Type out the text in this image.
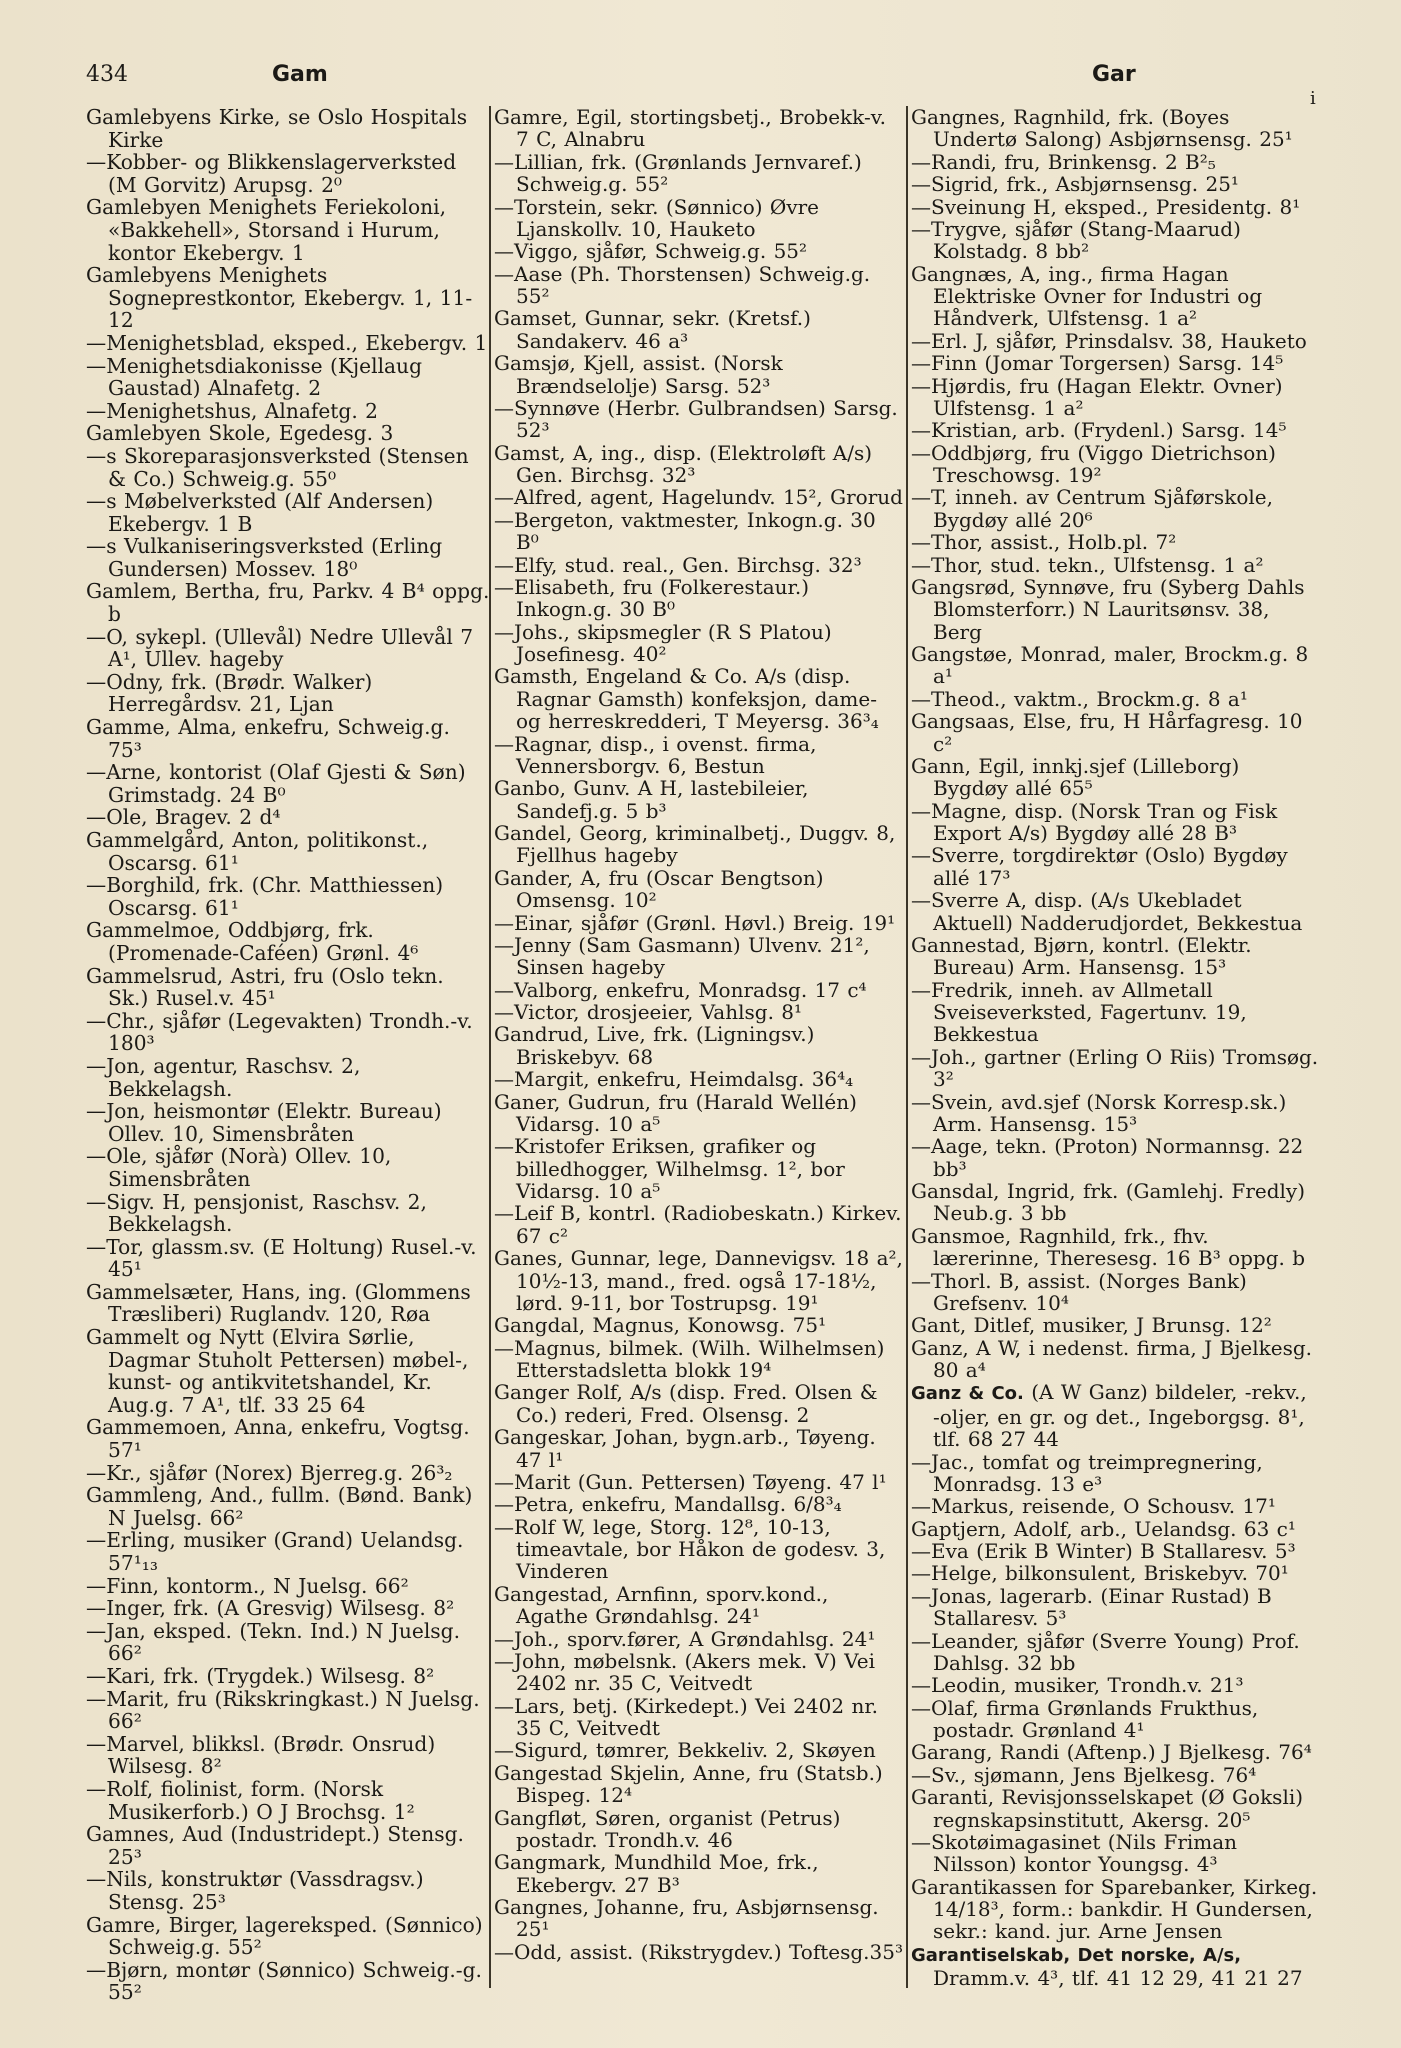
434	Gam	Gar
i

Gamlebyens Kirke, se Oslo Hospitals Kirke

—Kobber- og Blikkenslagerverksted (M Gorvitz) Arupsg. 2⁰

Gamlebyen Menighets Feriekoloni, «Bakkehell», Storsand i Hurum, kontor Ekebergv. 1

Gamlebyens Menighets Sogneprestkontor, Ekebergv. 1, 11-12

—Menighetsblad, eksped., Ekebergv. 1

—Menighetsdiakonisse (Kjellaug Gaustad) Alnafetg. 2

—Menighetshus, Alnafetg. 2

Gamlebyen Skole, Egedesg. 3

—s Skoreparasjonsverksted (Stensen & Co.) Schweig.g. 55⁰

—s Møbelverksted (Alf Andersen) Ekebergv. 1 B

—s Vulkaniseringsverksted (Erling Gundersen) Mossev. 18⁰

Gamlem, Bertha, fru, Parkv. 4 B⁴ oppg. b

—O, sykepl. (Ullevål) Nedre Ullevål 7 A¹, Ullev. hageby

—Odny, frk. (Brødr. Walker) Herregårdsv. 21, Ljan

Gamme, Alma, enkefru, Schweig.g. 75³

—Arne, kontorist (Olaf Gjesti & Søn) Grimstadg. 24 B⁰

—Ole, Bragev. 2 d⁴

Gammelgård, Anton, politikonst., Oscarsg. 61¹

—Borghild, frk. (Chr. Matthiessen) Oscarsg. 61¹

Gammelmoe, Oddbjørg, frk. (Promenade-Caféen) Grønl. 4⁶

Gammelsrud, Astri, fru (Oslo tekn. Sk.) Rusel.v. 45¹

—Chr., sjåfør (Legevakten) Trondh.-v. 180³

—Jon, agentur, Raschsv. 2, Bekkelagsh.

—Jon, heismontør (Elektr. Bureau) Ollev. 10, Simensbråten

—Ole, sjåfør (Norà) Ollev. 10, Simensbråten

—Sigv. H, pensjonist, Raschsv. 2, Bekkelagsh.

—Tor, glassm.sv. (E Holtung) Rusel.-v. 45¹

Gammelsæter, Hans, ing. (Glommens Træsliberi) Ruglandv. 120, Røa

Gammelt og Nytt (Elvira Sørlie, Dagmar Stuholt Pettersen) møbel-, kunst- og antikvitetshandel, Kr. Aug.g. 7 A¹, tlf. 33 25 64

Gammemoen, Anna, enkefru, Vogtsg. 57¹

—Kr., sjåfør (Norex) Bjerreg.g. 26³₂

Gammleng, And., fullm. (Bønd. Bank) N Juelsg. 66²

—Erling, musiker (Grand) Uelandsg. 57¹₁₃

—Finn, kontorm., N Juelsg. 66²

—Inger, frk. (A Gresvig) Wilsesg. 8²

—Jan, eksped. (Tekn. Ind.) N Juelsg. 66²

—Kari, frk. (Trygdek.) Wilsesg. 8²

—Marit, fru (Rikskringkast.) N Juelsg. 66²

—Marvel, blikksl. (Brødr. Onsrud) Wilsesg. 8²

—Rolf, fiolinist, form. (Norsk Musikerforb.) O J Brochsg. 1²

Gamnes, Aud (Industridept.) Stensg. 25³

—Nils, konstruktør (Vassdragsv.) Stensg. 25³

Gamre, Birger, lagereksped. (Sønnico) Schweig.g. 55²

—Bjørn, montør (Sønnico) Schweig.-g. 55²

Gamre, Egil, stortingsbetj., Brobekk-v. 7 C, Alnabru

—Lillian, frk. (Grønlands Jernvaref.) Schweig.g. 55²

—Torstein, sekr. (Sønnico) Øvre Ljanskollv. 10, Hauketo

—Viggo, sjåfør, Schweig.g. 55²

—Aase (Ph. Thorstensen) Schweig.g. 55²

Gamset, Gunnar, sekr. (Kretsf.) Sandakerv. 46 a³

Gamsjø, Kjell, assist. (Norsk Brændselolje) Sarsg. 52³

—Synnøve (Herbr. Gulbrandsen) Sarsg. 52³

Gamst, A, ing., disp. (Elektroløft A/s) Gen. Birchsg. 32³

—Alfred, agent, Hagelundv. 15², Grorud

—Bergeton, vaktmester, Inkogn.g. 30 B⁰

—Elfy, stud. real., Gen. Birchsg. 32³

—Elisabeth, fru (Folkerestaur.) Inkogn.g. 30 B⁰

—Johs., skipsmegler (R S Platou) Josefinesg. 40²

Gamsth, Engeland & Co. A/s (disp. Ragnar Gamsth) konfeksjon, dame- og herreskredderi, T Meyersg. 36³₄

—Ragnar, disp., i ovenst. firma, Vennersborgv. 6, Bestun

Ganbo, Gunv. A H, lastebileier, Sandefj.g. 5 b³

Gandel, Georg, kriminalbetj., Duggv. 8, Fjellhus hageby

Gander, A, fru (Oscar Bengtson) Omsensg. 10²

—Einar, sjåfør (Grønl. Høvl.) Breig. 19¹

—Jenny (Sam Gasmann) Ulvenv. 21², Sinsen hageby

—Valborg, enkefru, Monradsg. 17 c⁴

—Victor, drosjeeier, Vahlsg. 8¹

Gandrud, Live, frk. (Ligningsv.) Briskebyv. 68

—Margit, enkefru, Heimdalsg. 36⁴₄

Ganer, Gudrun, fru (Harald Wellén) Vidarsg. 10 a⁵

—Kristofer Eriksen, grafiker og billedhogger, Wilhelmsg. 1², bor Vidarsg. 10 a⁵

—Leif B, kontrl. (Radiobeskatn.) Kirkev. 67 c²

Ganes, Gunnar, lege, Dannevigsv. 18 a², 10½-13, mand., fred. også 17-18½, lørd. 9-11, bor Tostrupsg. 19¹

Gangdal, Magnus, Konowsg. 75¹

—Magnus, bilmek. (Wilh. Wilhelmsen) Etterstadsletta blokk 19⁴

Ganger Rolf, A/s (disp. Fred. Olsen & Co.) rederi, Fred. Olsensg. 2

Gangeskar, Johan, bygn.arb., Tøyeng. 47 l¹

—Marit (Gun. Pettersen) Tøyeng. 47 l¹

—Petra, enkefru, Mandallsg. 6/8³₄

—Rolf W, lege, Storg. 12⁸, 10-13, timeavtale, bor Håkon de godesv. 3, Vinderen

Gangestad, Arnfinn, sporv.kond., Agathe Grøndahlsg. 24¹

—Joh., sporv.fører, A Grøndahlsg. 24¹

—John, møbelsnk. (Akers mek. V) Vei 2402 nr. 35 C, Veitvedt

—Lars, betj. (Kirkedept.) Vei 2402 nr. 35 C, Veitvedt

—Sigurd, tømrer, Bekkeliv. 2, Skøyen

Gangestad Skjelin, Anne, fru (Statsb.) Bispeg. 12⁴

Gangfløt, Søren, organist (Petrus) postadr. Trondh.v. 46

Gangmark, Mundhild Moe, frk., Ekebergv. 27 B³

Gangnes, Johanne, fru, Asbjørnsensg. 25¹

—Odd, assist. (Rikstrygdev.) Toftesg.35³

Gangnes, Ragnhild, frk. (Boyes Undertø Salong) Asbjørnsensg. 25¹

—Randi, fru, Brinkensg. 2 B²₅

—Sigrid, frk., Asbjørnsensg. 25¹

—Sveinung H, eksped., Presidentg. 8¹

—Trygve, sjåfør (Stang-Maarud) Kolstadg. 8 bb²

Gangnæs, A, ing., firma Hagan Elektriske Ovner for Industri og Håndverk, Ulfstensg. 1 a²

—Erl. J, sjåfør, Prinsdalsv. 38, Hauketo

—Finn (Jomar Torgersen) Sarsg. 14⁵

—Hjørdis, fru (Hagan Elektr. Ovner) Ulfstensg. 1 a²

—Kristian, arb. (Frydenl.) Sarsg. 14⁵

—Oddbjørg, fru (Viggo Dietrichson) Treschowsg. 19²

—T, inneh. av Centrum Sjåførskole, Bygdøy allé 20⁶

—Thor, assist., Holb.pl. 7²

—Thor, stud. tekn., Ulfstensg. 1 a²

Gangsrød, Synnøve, fru (Syberg Dahls Blomsterforr.) N Lauritsønsv. 38, Berg

Gangstøe, Monrad, maler, Brockm.g. 8 a¹

—Theod., vaktm., Brockm.g. 8 a¹

Gangsaas, Else, fru, H Hårfagresg. 10 c²

Gann, Egil, innkj.sjef (Lilleborg) Bygdøy allé 65⁵

—Magne, disp. (Norsk Tran og Fisk Export A/s) Bygdøy allé 28 B³

—Sverre, torgdirektør (Oslo) Bygdøy allé 17³

—Sverre A, disp. (A/s Ukebladet Aktuell) Nadderudjordet, Bekkestua

Gannestad, Bjørn, kontrl. (Elektr. Bureau) Arm. Hansensg. 15³

—Fredrik, inneh. av Allmetall Sveiseverksted, Fagertunv. 19, Bekkestua

—Joh., gartner (Erling O Riis) Tromsøg. 3²

—Svein, avd.sjef (Norsk Korresp.sk.) Arm. Hansensg. 15³

—Aage, tekn. (Proton) Normannsg. 22 bb³

Gansdal, Ingrid, frk. (Gamlehj. Fredly) Neub.g. 3 bb

Gansmoe, Ragnhild, frk., fhv. lærerinne, Theresesg. 16 B³ oppg. b

—Thorl. B, assist. (Norges Bank) Grefsenv. 10⁴

Gant, Ditlef, musiker, J Brunsg. 12²

Ganz, A W, i nedenst. firma, J Bjelkesg. 80 a⁴

Ganz & Co. (A W Ganz) bildeler, -rekv., -oljer, en gr. og det., Ingeborgsg. 8¹, tlf. 68 27 44

—Jac., tomfat og treimpregnering, Monradsg. 13 e³

—Markus, reisende, O Schousv. 17¹

Gaptjern, Adolf, arb., Uelandsg. 63 c¹

—Eva (Erik B Winter) B Stallaresv. 5³

—Helge, bilkonsulent, Briskebyv. 70¹

—Jonas, lagerarb. (Einar Rustad) B Stallaresv. 5³

—Leander, sjåfør (Sverre Young) Prof. Dahlsg. 32 bb

—Leodin, musiker, Trondh.v. 21³

—Olaf, firma Grønlands Frukthus, postadr. Grønland 4¹

Garang, Randi (Aftenp.) J Bjelkesg. 76⁴

—Sv., sjømann, Jens Bjelkesg. 76⁴

Garanti, Revisjonsselskapet (Ø Goksli) regnskapsinstitutt, Akersg. 20⁵

—Skotøimagasinet (Nils Friman Nilsson) kontor Youngsg. 4³

Garantikassen for Sparebanker, Kirkeg. 14/18³, form.: bankdir. H Gundersen, sekr.: kand. jur. Arne Jensen

Garantiselskab, Det norske, A/s, Dramm.v. 4³, tlf. 41 12 29, 41 21 27
